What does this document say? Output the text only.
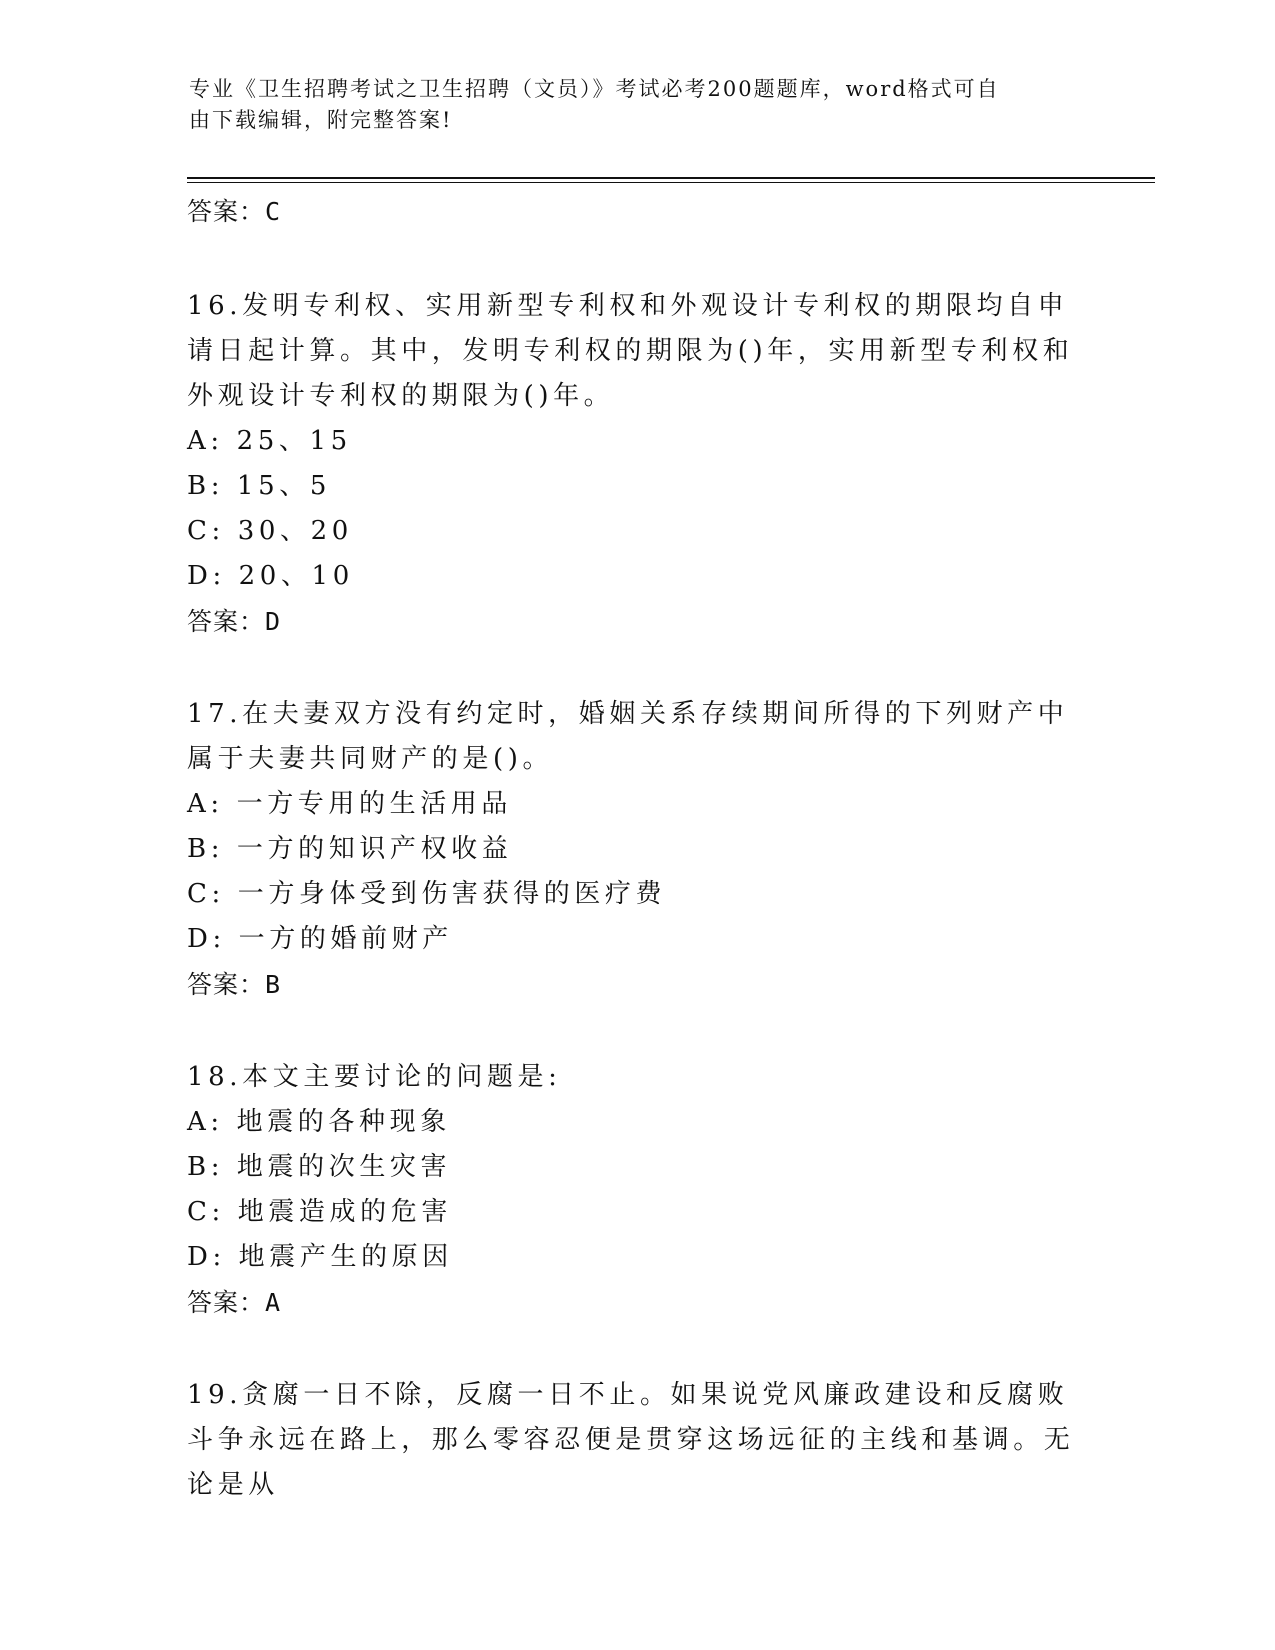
专业《卫生招聘考试之卫生招聘（文员）》考试必考200题题库，word格式可自
由下载编辑，附完整答案!
答案：C
16.发明专利权、实用新型专利权和外观设计专利权的期限均自申请日起计算。其中，发明专利权的期限为()年，实用新型专利权和外观设计专利权的期限为()年。
A: 25、15
B: 15、5
C: 30、20
D: 20、10
答案：D
17.在夫妻双方没有约定时，婚姻关系存续期间所得的下列财产中属于夫妻共同财产的是()。
A: 一方专用的生活用品
B: 一方的知识产权收益
C: 一方身体受到伤害获得的医疗费
D: 一方的婚前财产
答案：B
18.本文主要讨论的问题是:
A: 地震的各种现象
B: 地震的次生灾害
C: 地震造成的危害
D: 地震产生的原因
答案：A
19.贪腐一日不除，反腐一日不止。如果说党风廉政建设和反腐败斗争永远在路上，那么零容忍便是贯穿这场远征的主线和基调。无论是从
